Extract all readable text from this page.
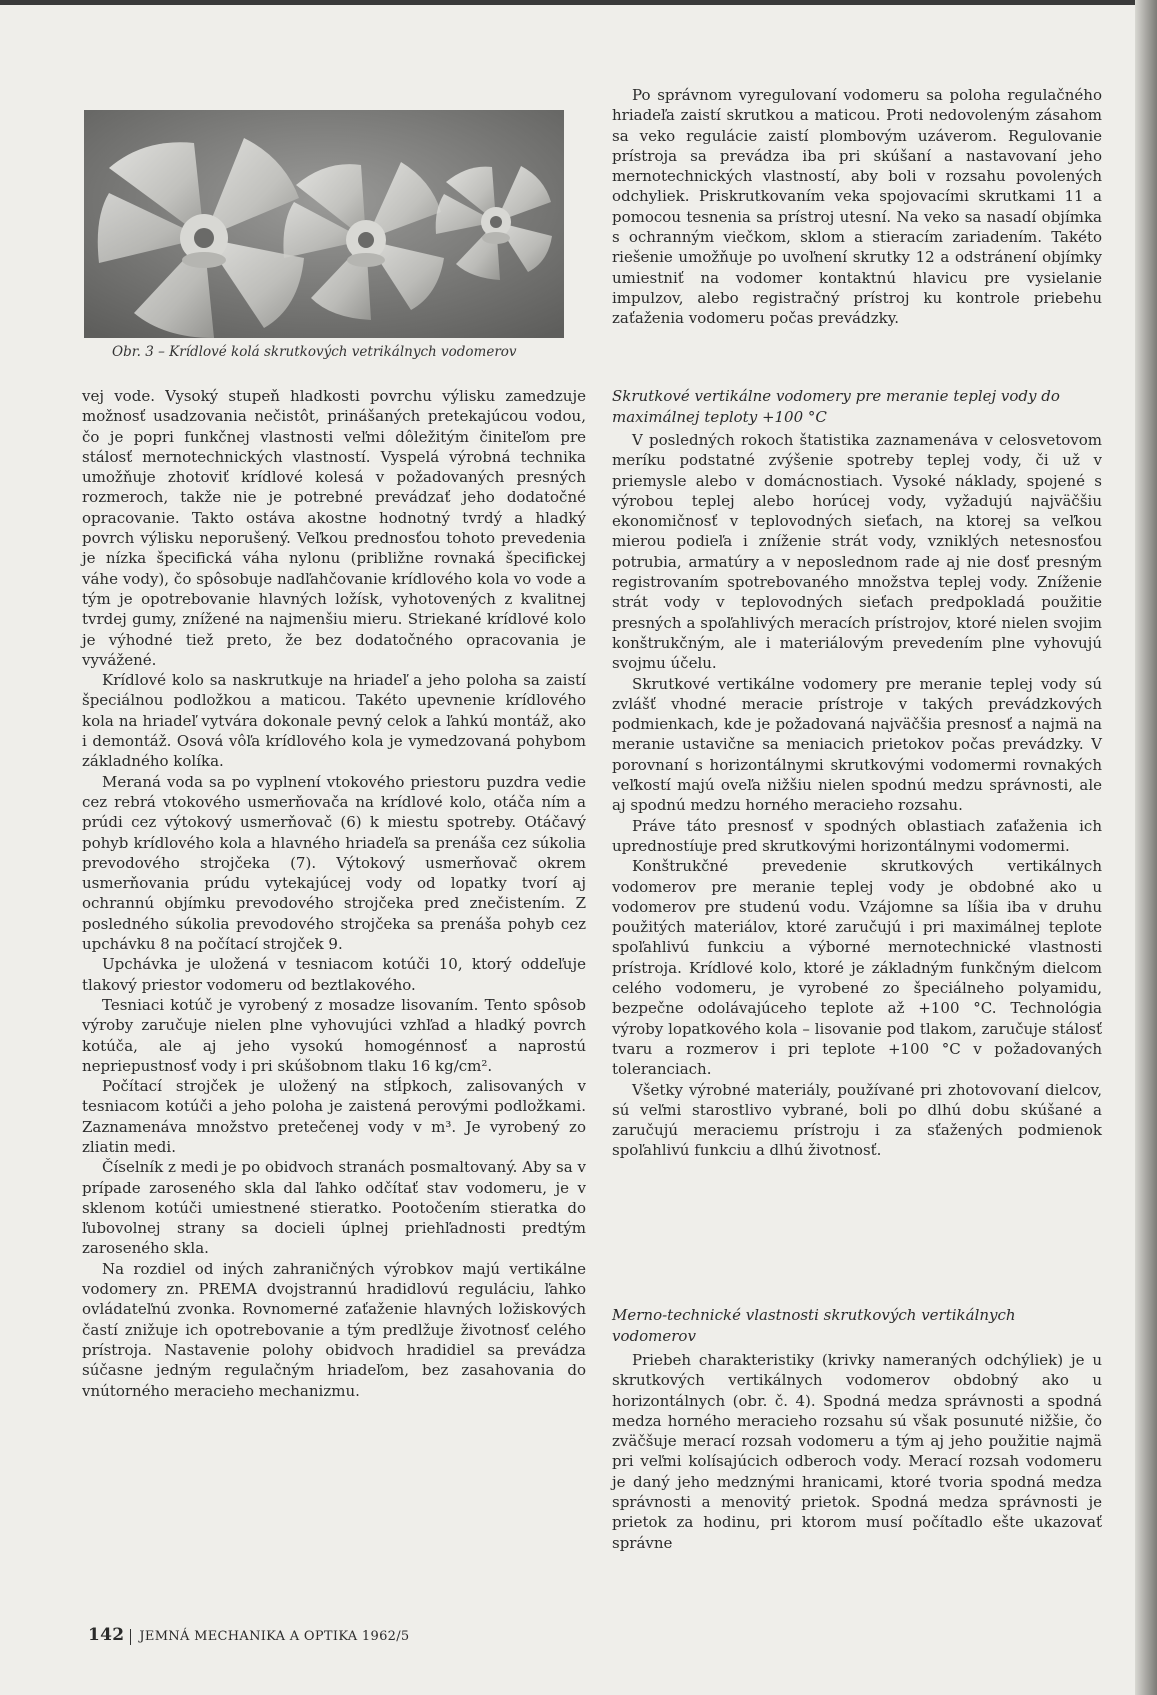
Obr. 3 – Krídlové kolá skrutkových vetrikálnych vodomerov

vej vode. Vysoký stupeň hladkosti povrchu výlisku zamedzuje možnosť usadzovania nečistôt, prinášaných pretekajúcou vodou, čo je popri funkčnej vlastnosti veľmi dôležitým činiteľom pre stálosť mernotechnických vlastností. Vyspelá výrobná technika umožňuje zhotoviť krídlové kolesá v požadovaných presných rozmeroch, takže nie je potrebné prevádzať jeho dodatočné opracovanie. Takto ostáva akostne hodnotný tvrdý a hladký povrch výlisku neporušený. Veľkou prednosťou tohoto prevedenia je nízka špecifická váha nylonu (približne rovnaká špecifickej váhe vody), čo spôsobuje nadľahčovanie krídlového kola vo vode a tým je opotrebovanie hlavných ložísk, vyhotovených z kvalitnej tvrdej gumy, znížené na najmenšiu mieru. Striekané krídlové kolo je výhodné tiež preto, že bez dodatočného opracovania je vyvážené.

Krídlové kolo sa naskrutkuje na hriadeľ a jeho poloha sa zaistí špeciálnou podložkou a maticou. Takéto upevnenie krídlového kola na hriadeľ vytvára dokonale pevný celok a ľahkú montáž, ako i demontáž. Osová vôľa krídlového kola je vymedzovaná pohybom základného kolíka.

Meraná voda sa po vyplnení vtokového priestoru puzdra vedie cez rebrá vtokového usmerňovača na krídlové kolo, otáča ním a prúdi cez výtokový usmerňovač (6) k miestu spotreby. Otáčavý pohyb krídlového kola a hlavného hriadeľa sa prenáša cez súkolia prevodového strojčeka (7). Výtokový usmerňovač okrem usmerňovania prúdu vytekajúcej vody od lopatky tvorí aj ochrannú objímku prevodového strojčeka pred znečistením. Z posledného súkolia prevodového strojčeka sa prenáša pohyb cez upchávku 8 na počítací strojček 9.

Upchávka je uložená v tesniacom kotúči 10, ktorý oddeľuje tlakový priestor vodomeru od beztlakového.

Tesniaci kotúč je vyrobený z mosadze lisovaním. Tento spôsob výroby zaručuje nielen plne vyhovujúci vzhľad a hladký povrch kotúča, ale aj jeho vysokú homogénnosť a naprostú nepriepustnosť vody i pri skúšobnom tlaku 16 kg/cm².

Počítací strojček je uložený na stĺpkoch, zalisovaných v tesniacom kotúči a jeho poloha je zaistená perovými podložkami. Zaznamenáva množstvo pretečenej vody v m³. Je vyrobený zo zliatin medi.

Číselník z medi je po obidvoch stranách posmaltovaný. Aby sa v prípade zaroseného skla dal ľahko odčítať stav vodomeru, je v sklenom kotúči umiestnené stieratko. Pootočením stieratka do ľubovolnej strany sa docieli úplnej priehľadnosti predtým zaroseného skla.

Na rozdiel od iných zahraničných výrobkov majú vertikálne vodomery zn. PREMA dvojstrannú hradidlovú reguláciu, ľahko ovládateľnú zvonka. Rovnomerné zaťaženie hlavných ložiskových častí znižuje ich opotrebovanie a tým predlžuje životnosť celého prístroja. Nastavenie polohy obidvoch hradidiel sa prevádza súčasne jedným regulačným hriadeľom, bez zasahovania do vnútorného meracieho mechanizmu.

Po správnom vyregulovaní vodomeru sa poloha regulačného hriadeľa zaistí skrutkou a maticou. Proti nedovoleným zásahom sa veko regulácie zaistí plombovým uzáverom. Regulovanie prístroja sa prevádza iba pri skúšaní a nastavovaní jeho mernotechnických vlastností, aby boli v rozsahu povolených odchyliek. Priskrutkovaním veka spojovacími skrutkami 11 a pomocou tesnenia sa prístroj utesní. Na veko sa nasadí objímka s ochranným viečkom, sklom a stieracím zariadením. Takéto riešenie umožňuje po uvoľnení skrutky 12 a odstránení objímky umiestniť na vodomer kontaktnú hlavicu pre vysielanie impulzov, alebo registračný prístroj ku kontrole priebehu zaťaženia vodomeru počas prevádzky.

Skrutkové vertikálne vodomery pre meranie teplej vody do maximálnej teploty +100 °C

V posledných rokoch štatistika zaznamenáva v celosvetovom meríku podstatné zvýšenie spotreby teplej vody, či už v priemysle alebo v domácnostiach. Vysoké náklady, spojené s výrobou teplej alebo horúcej vody, vyžadujú najväčšiu ekonomičnosť v teplovodných sieťach, na ktorej sa veľkou mierou podieľa i zníženie strát vody, vzniklých netesnosťou potrubia, armatúry a v neposlednom rade aj nie dosť presným registrovaním spotrebovaného množstva teplej vody. Zníženie strát vody v teplovodných sieťach predpokladá použitie presných a spoľahlivých meracích prístrojov, ktoré nielen svojim konštrukčným, ale i materiálovým prevedením plne vyhovujú svojmu účelu.

Skrutkové vertikálne vodomery pre meranie teplej vody sú zvlášť vhodné meracie prístroje v takých prevádzkových podmienkach, kde je požadovaná najväčšia presnosť a najmä na meranie ustavične sa meniacich prietokov počas prevádzky. V porovnaní s horizontálnymi skrutkovými vodomermi rovnakých veľkostí majú oveľa nižšiu nielen spodnú medzu správnosti, ale aj spodnú medzu horného meracieho rozsahu.

Práve táto presnosť v spodných oblastiach zaťaženia ich uprednostíuje pred skrutkovými horizontálnymi vodomermi.

Konštrukčné prevedenie skrutkových vertikálnych vodomerov pre meranie teplej vody je obdobné ako u vodomerov pre studenú vodu. Vzájomne sa líšia iba v druhu použitých materiálov, ktoré zaručujú i pri maximálnej teplote spoľahlivú funkciu a výborné mernotechnické vlastnosti prístroja. Krídlové kolo, ktoré je základným funkčným dielcom celého vodomeru, je vyrobené zo špeciálneho polyamidu, bezpečne odolávajúceho teplote až +100 °C. Technológia výroby lopatkového kola – lisovanie pod tlakom, zaručuje stálosť tvaru a rozmerov i pri teplote +100 °C v požadovaných toleranciach.

Všetky výrobné materiály, používané pri zhotovovaní dielcov, sú veľmi starostlivo vybrané, boli po dlhú dobu skúšané a zaručujú meraciemu prístroju i za sťažených podmienok spoľahlivú funkciu a dlhú životnosť.

Merno-technické vlastnosti skrutkových vertikálnych vodomerov

Priebeh charakteristiky (krivky nameraných odchýliek) je u skrutkových vertikálnych vodomerov obdobný ako u horizontálnych (obr. č. 4). Spodná medza správnosti a spodná medza horného meracieho rozsahu sú však posunuté nižšie, čo zväčšuje merací rozsah vodomeru a tým aj jeho použitie najmä pri veľmi kolísajúcich odberoch vody. Merací rozsah vodomeru je daný jeho medznými hranicami, ktoré tvoria spodná medza správnosti a menovitý prietok. Spodná medza správnosti je prietok za hodinu, pri ktorom musí počítadlo ešte ukazovať správne

142 JEMNÁ MECHANIKA A OPTIKA 1962/5
